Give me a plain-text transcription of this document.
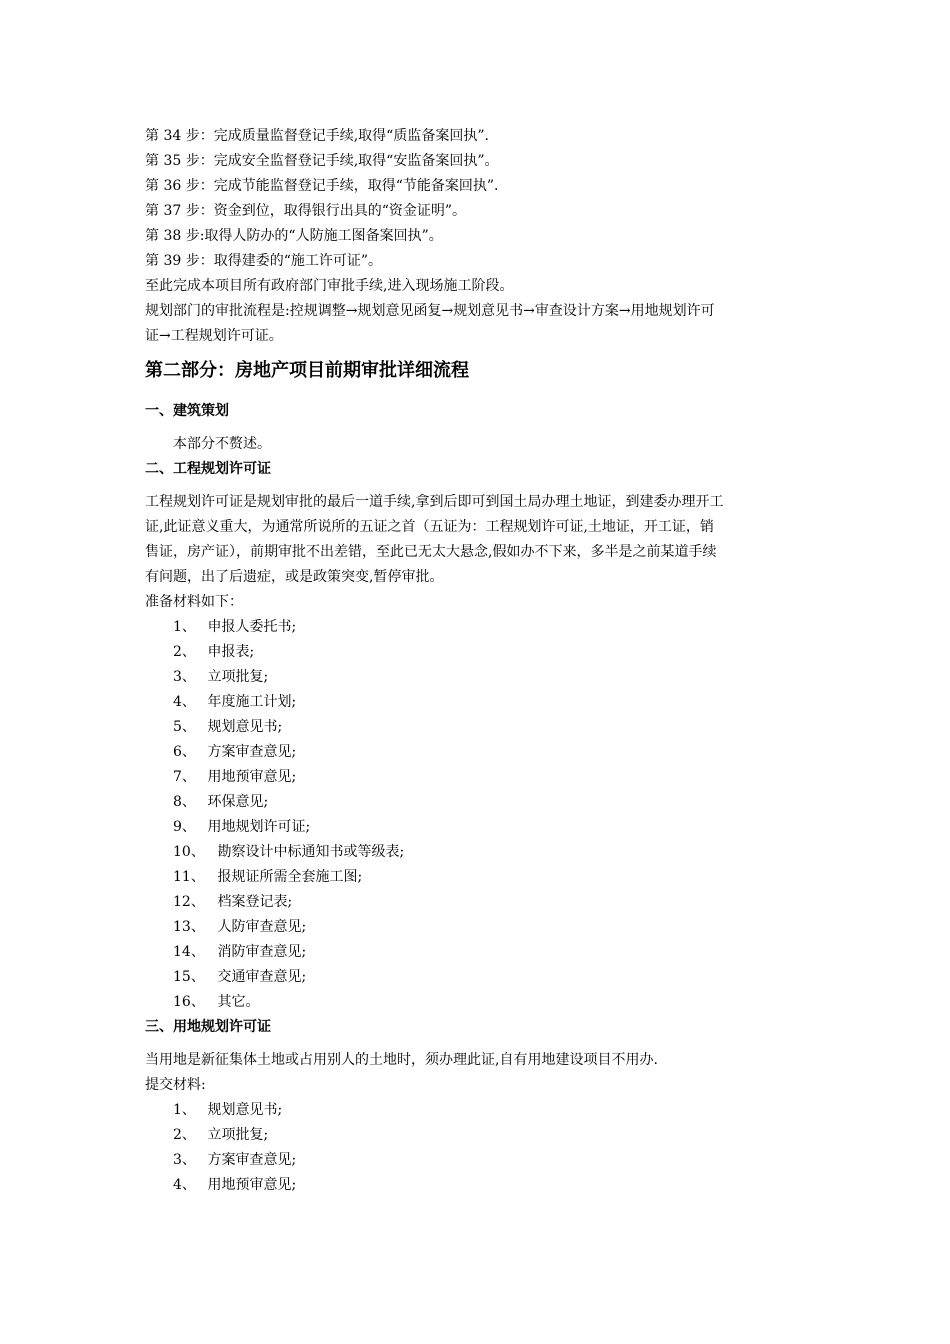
第 34 步：完成质量监督登记手续,取得“质监备案回执”.
第 35 步：完成安全监督登记手续,取得“安监备案回执”。
第 36 步：完成节能监督登记手续，取得“节能备案回执”.
第 37 步：资金到位，取得银行出具的“资金证明”。
第 38 步:取得人防办的“人防施工图备案回执”。
第 39 步：取得建委的“施工许可证”。
至此完成本项目所有政府部门审批手续,进入现场施工阶段。
规划部门的审批流程是:控规调整→规划意见函复→规划意见书→审查设计方案→用地规划许可
证→工程规划许可证。
第二部分：房地产项目前期审批详细流程
一、建筑策划
本部分不赘述。
二、工程规划许可证
工程规划许可证是规划审批的最后一道手续,拿到后即可到国土局办理土地证，到建委办理开工
证,此证意义重大，为通常所说所的五证之首（五证为：工程规划许可证,土地证，开工证，销
售证，房产证），前期审批不出差错，至此已无太大悬念,假如办不下来，多半是之前某道手续
有问题，出了后遗症，或是政策突变,暂停审批。
准备材料如下：
1、 申报人委托书;
2、 申报表;
3、 立项批复;
4、 年度施工计划;
5、 规划意见书;
6、 方案审查意见;
7、 用地预审意见;
8、 环保意见;
9、 用地规划许可证;
10、 勘察设计中标通知书或等级表;
11、 报规证所需全套施工图;
12、 档案登记表;
13、 人防审查意见;
14、 消防审查意见;
15、 交通审查意见;
16、 其它。
三、用地规划许可证
当用地是新征集体土地或占用别人的土地时，须办理此证,自有用地建设项目不用办.
提交材料:
1、 规划意见书;
2、 立项批复;
3、 方案审查意见;
4、 用地预审意见;
